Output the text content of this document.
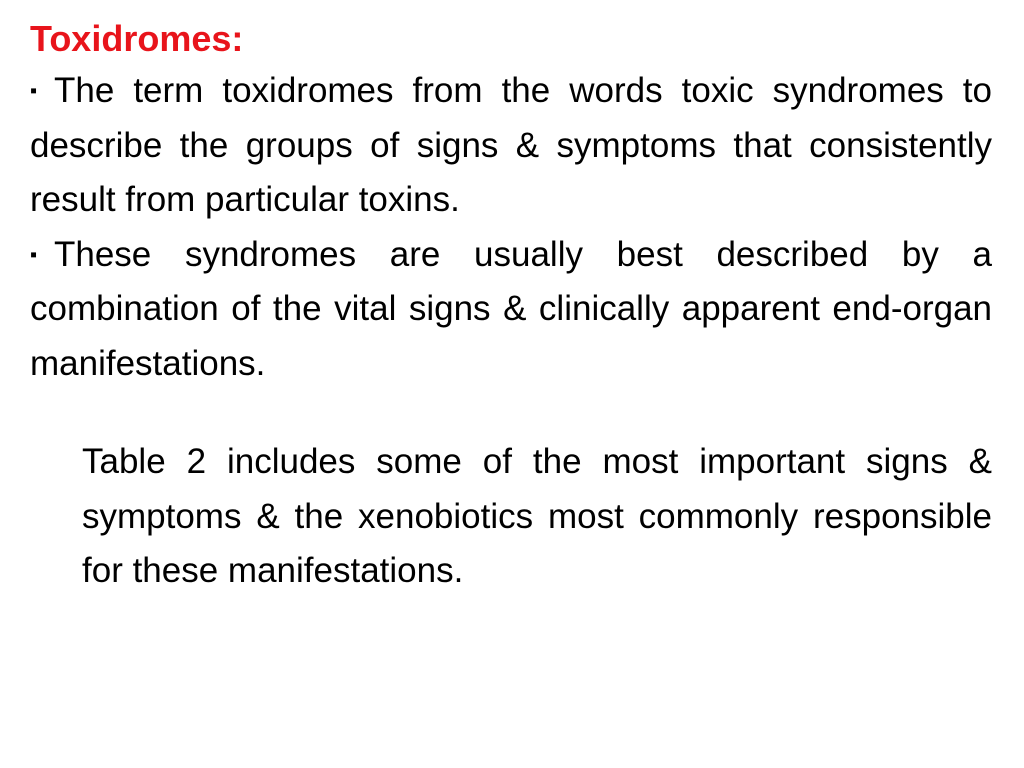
Toxidromes:
▪ The term toxidromes from the words toxic syndromes to describe the groups of signs & symptoms that consistently result from particular toxins.
▪ These syndromes are usually best described by a combination of the vital signs & clinically apparent end-organ manifestations.

Table 2 includes some of the most important signs & symptoms & the xenobiotics most commonly responsible for these manifestations.
